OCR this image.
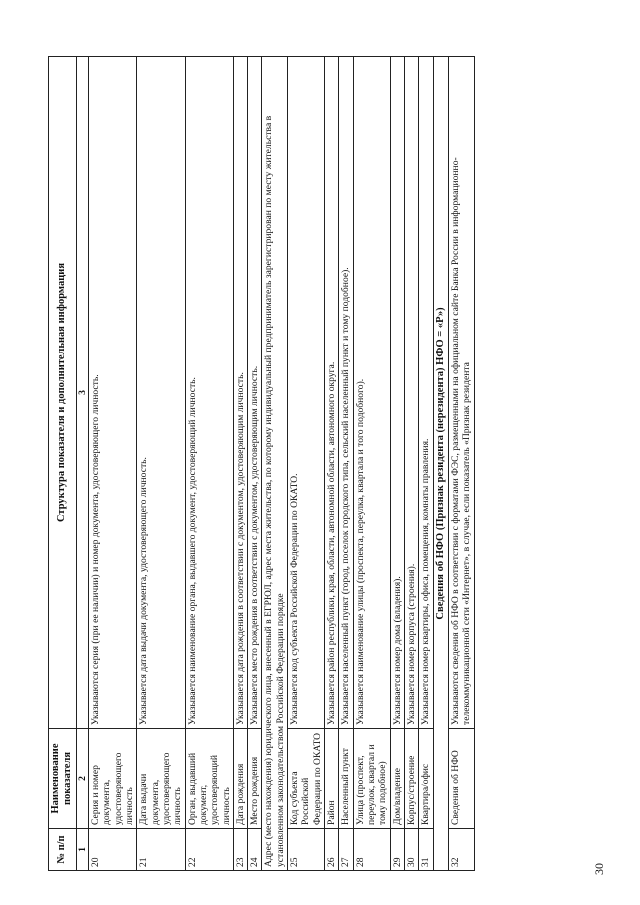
30
№ п/п	Наименование показателя	Структура показателя и дополнительная информация
1	2	3
20	Серия и номер документа, удостоверяющего личность	Указываются серия (при ее наличии) и номер документа, удостоверяющего личность.
21	Дата выдачи документа, удостоверяющего личность	Указывается дата выдачи документа, удостоверяющего личность.
22	Орган, выдавший документ, удостоверяющий личность	Указывается наименование органа, выдавшего документ, удостоверяющий личность.
23	Дата рождения	Указывается дата рождения в соответствии с документом, удостоверяющим личность.
24	Место рождения	Указывается место рождения в соответствии с документом, удостоверяющим личность.
Адрес (место нахождения) юридического лица, внесенный в ЕГРЮЛ, адрес места жительства, по которому индивидуальный предприниматель зарегистрирован по месту жительства в установленном законодательством Российской Федерации порядке		
25	Код субъекта Российской Федерации по ОКАТО	Указывается код субъекта Российской Федерации по ОКАТО.
26	Район	Указывается район республики, края, области, автономной области, автономного округа.
27	Населенный пункт	Указывается населенный пункт (город, поселок городского типа, сельский населенный пункт и тому подобное).
28	Улица (проспект, переулок, квартал и тому подобное)	Указывается наименование улицы (проспекта, переулка, квартала и того подобного).
29	Дом/владение	Указывается номер дома (владения).
30	Корпус/строение	Указывается номер корпуса (строения).
31	Квартира/офис	Указывается номер квартиры, офиса, помещения, комнаты правления.
Сведения об НФО (Признак резидента (нерезидента) НФО = «Р»)		
32	Сведения об НФО	Указываются сведения об НФО в соответствии с форматами ФЭС, размещенными на официальном сайте Банка России в информационно-телекоммуникационной сети «Интернет», в случае, если показатель «Признак резидента
